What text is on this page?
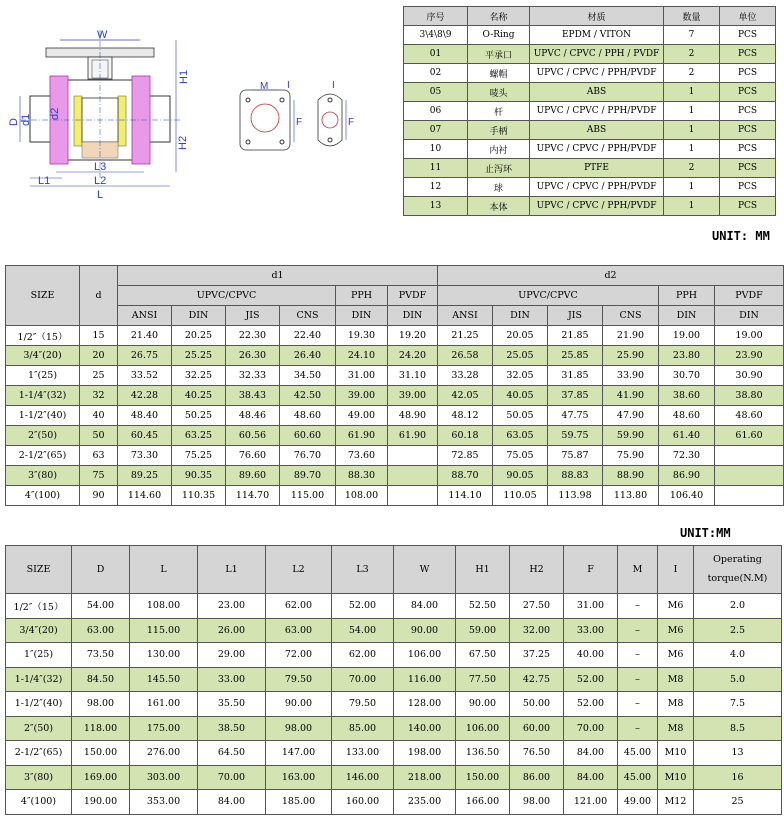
W
H1
H2
D d1 d2
L1
L3
L2
L
M
F
I
F
I
序号	名称	材质	数量	单位
3\4\8\9	O-Ring	EPDM / VITON	7	PCS
01	平承口	UPVC / CPVC / PPH / PVDF	2	PCS
02	螺帽	UPVC / CPVC / PPH/PVDF	2	PCS
05	唛头	ABS	1	PCS
06	杆	UPVC / CPVC / PPH/PVDF	1	PCS
07	手柄	ABS	1	PCS
10	内衬	UPVC / CPVC / PPH/PVDF	1	PCS
11	止泻环	PTFE	2	PCS
12	球	UPVC / CPVC / PPH/PVDF	1	PCS
13	本体	UPVC / CPVC / PPH/PVDF	1	PCS
UNIT: MM
SIZE	d	d1						d2					
		UPVC/CPVC				PPH	PVDF	UPVC/CPVC				PPH	PVDF
		ANSI	DIN	JIS	CNS	DIN	DIN	ANSI	DIN	JIS	CNS	DIN	DIN
1/2″（15）	15	21.40	20.25	22.30	22.40	19.30	19.20	21.25	20.05	21.85	21.90	19.00	19.00
3/4″(20)	20	26.75	25.25	26.30	26.40	24.10	24.20	26.58	25.05	25.85	25.90	23.80	23.90
1″(25)	25	33.52	32.25	32.33	34.50	31.00	31.10	33.28	32.05	31.85	33.90	30.70	30.90
1-1/4″(32)	32	42.28	40.25	38.43	42.50	39.00	39.00	42.05	40.05	37.85	41.90	38.60	38.80
1-1/2″(40)	40	48.40	50.25	48.46	48.60	49.00	48.90	48.12	50.05	47.75	47.90	48.60	48.60
2″(50)	50	60.45	63.25	60.56	60.60	61.90	61.90	60.18	63.05	59.75	59.90	61.40	61.60
2-1/2″(65)	63	73.30	75.25	76.60	76.70	73.60		72.85	75.05	75.87	75.90	72.30	
3″(80)	75	89.25	90.35	89.60	89.70	88.30		88.70	90.05	88.83	88.90	86.90	
4″(100)	90	114.60	110.35	114.70	115.00	108.00		114.10	110.05	113.98	113.80	106.40	
UNIT:MM
SIZE	D	L	L1	L2	L3	W	H1	H2	F	M	I	Operating
torque(N.M)

1/2″（15）	54.00	108.00	23.00	62.00	52.00	84.00	52.50	27.50	31.00	–	M6	2.0
3/4″(20)	63.00	115.00	26.00	63.00	54.00	90.00	59.00	32.00	33.00	–	M6	2.5
1″(25)	73.50	130.00	29.00	72.00	62.00	106.00	67.50	37.25	40.00	–	M6	4.0
1-1/4″(32)	84.50	145.50	33.00	79.50	70.00	116.00	77.50	42.75	52.00	–	M8	5.0
1-1/2″(40)	98.00	161.00	35.50	90.00	79.50	128.00	90.00	50.00	52.00	–	M8	7.5
2″(50)	118.00	175.00	38.50	98.00	85.00	140.00	106.00	60.00	70.00	–	M8	8.5
2-1/2″(65)	150.00	276.00	64.50	147.00	133.00	198.00	136.50	76.50	84.00	45.00	M10	13
3″(80)	169.00	303.00	70.00	163.00	146.00	218.00	150.00	86.00	84.00	45.00	M10	16
4″(100)	190.00	353.00	84.00	185.00	160.00	235.00	166.00	98.00	121.00	49.00	M12	25
